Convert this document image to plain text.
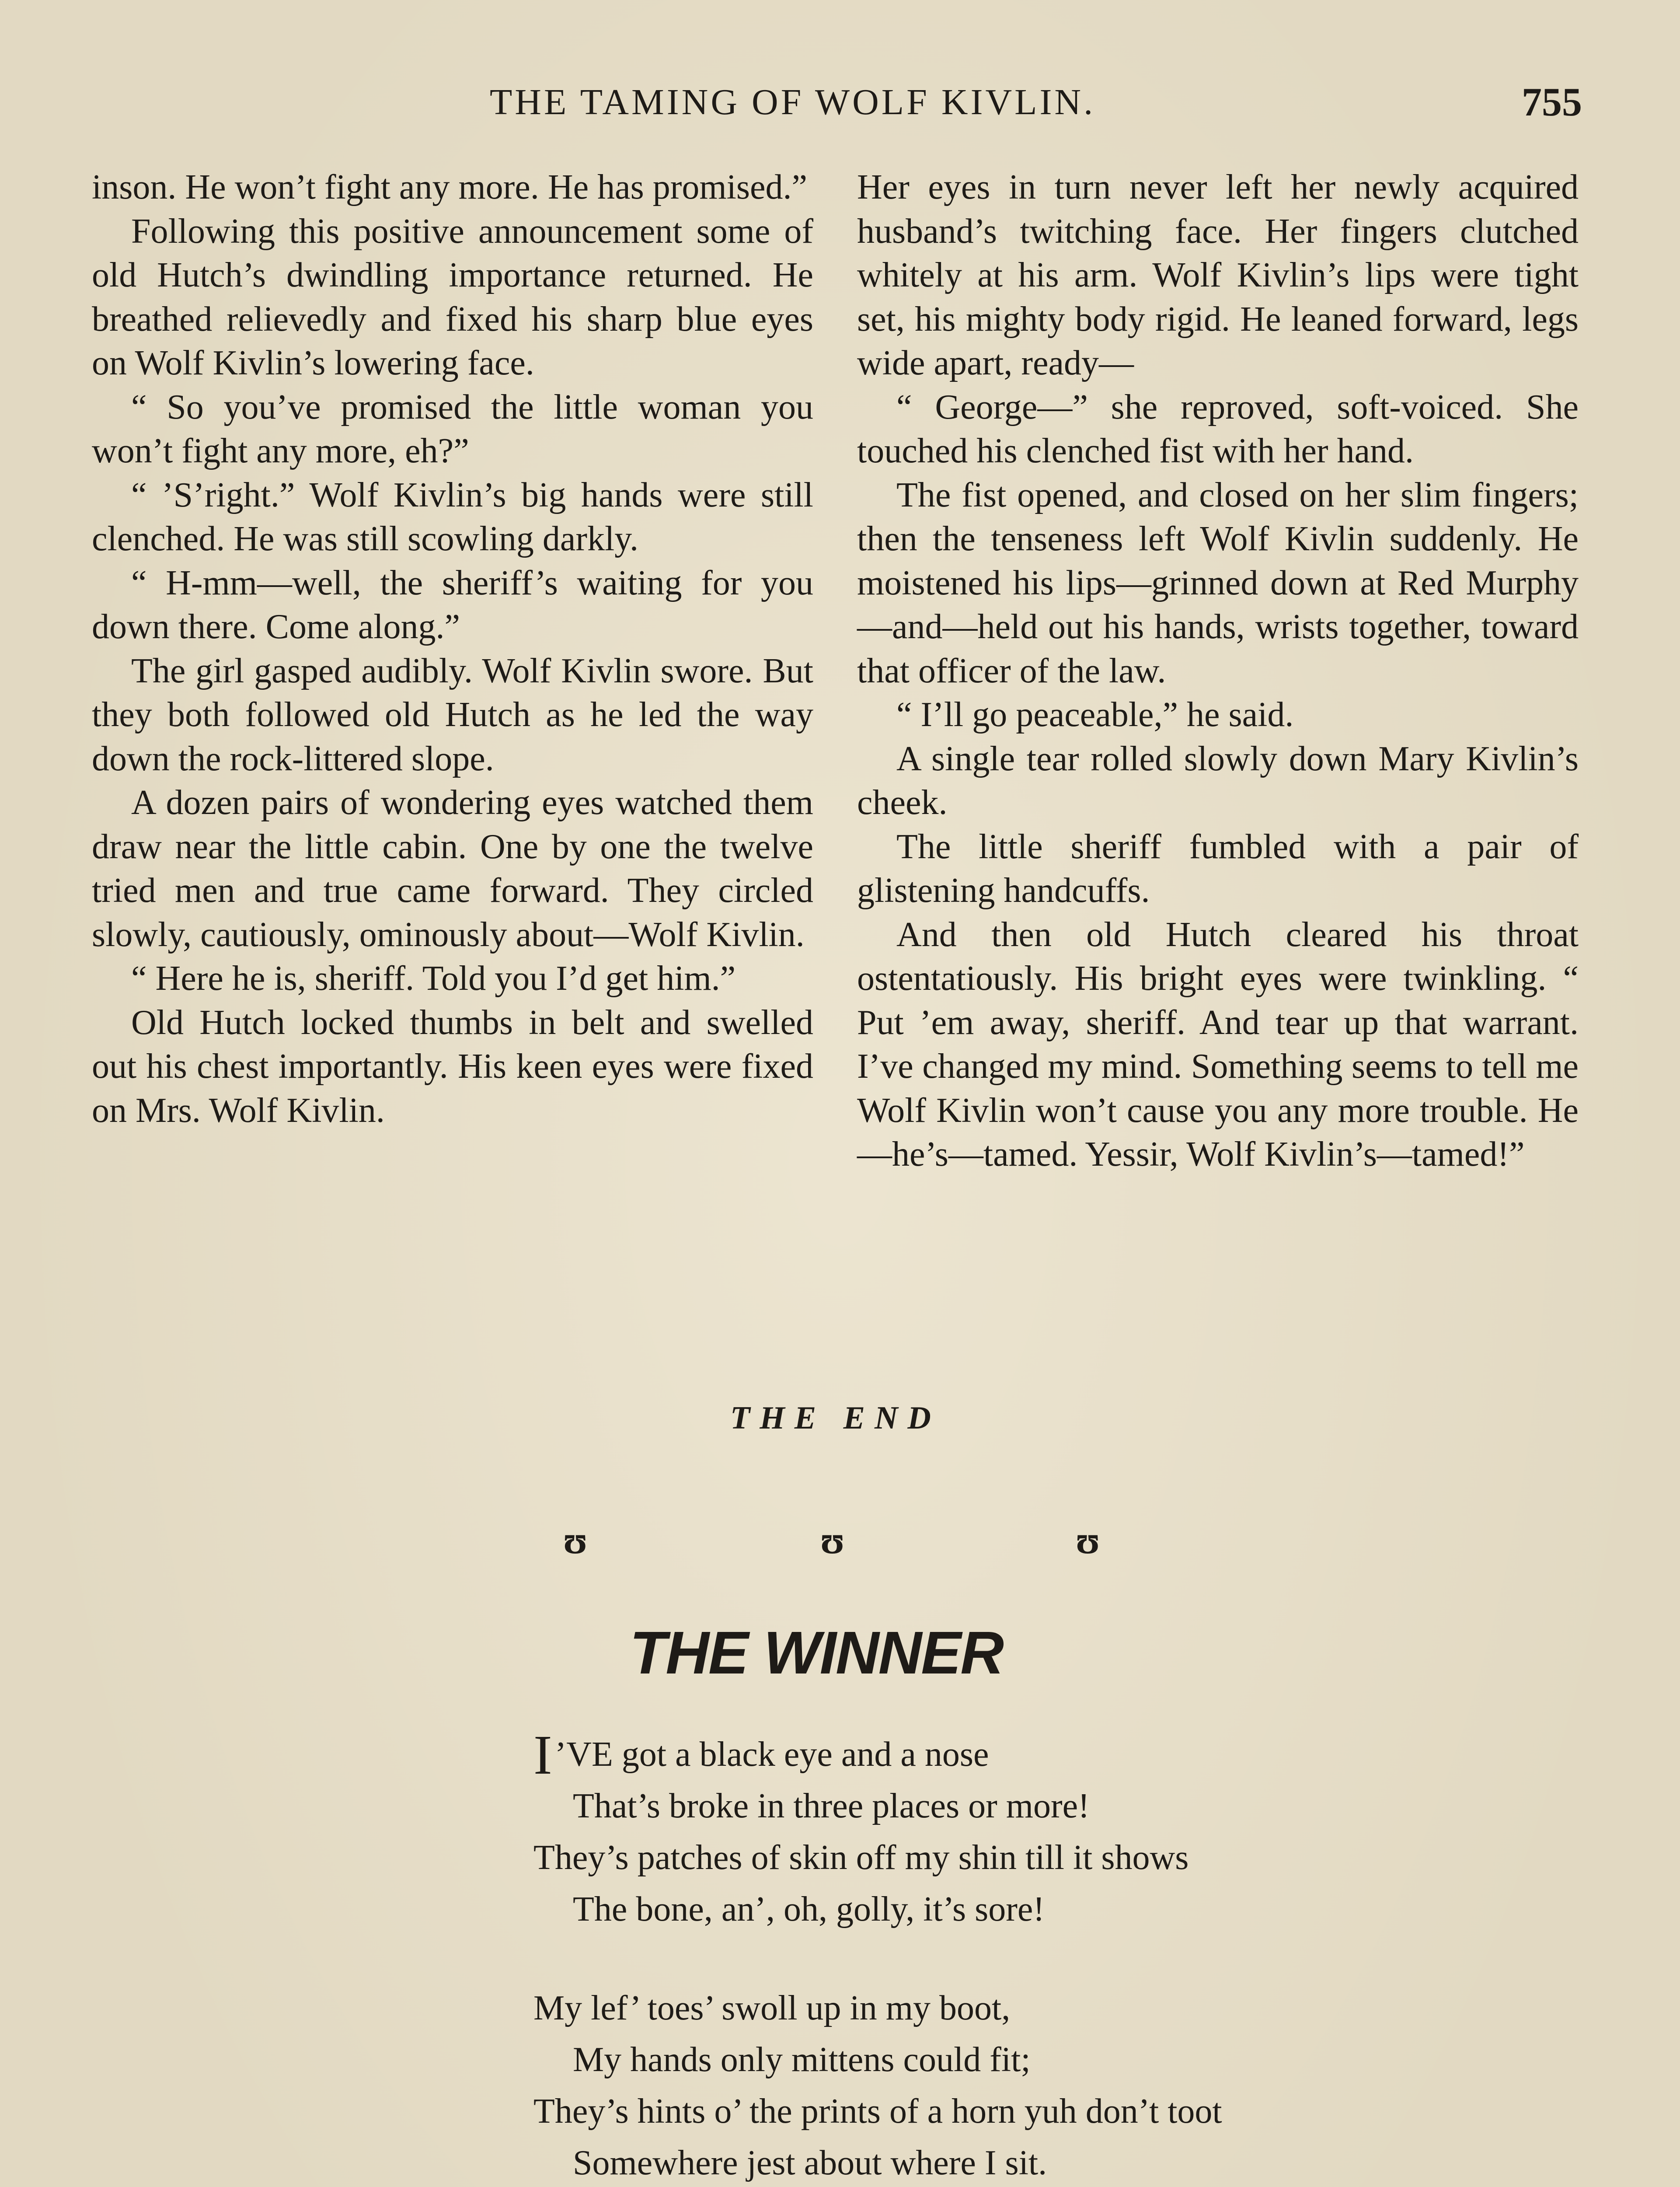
THE TAMING OF WOLF KIVLIN.	755

inson. He won’t fight any more. He has promised.”

Following this positive announcement some of old Hutch’s dwindling importance returned. He breathed relievedly and fixed his sharp blue eyes on Wolf Kivlin’s lowering face.

“ So you’ve promised the little woman you won’t fight any more, eh?”

“ ’S’right.” Wolf Kivlin’s big hands were still clenched. He was still scowling darkly.

“ H-mm—well, the sheriff’s waiting for you down there. Come along.”

The girl gasped audibly. Wolf Kivlin swore. But they both followed old Hutch as he led the way down the rock-littered slope.

A dozen pairs of wondering eyes watched them draw near the little cabin. One by one the twelve tried men and true came forward. They circled slowly, cautiously, ominously about—Wolf Kivlin.

“ Here he is, sheriff. Told you I’d get him.”

Old Hutch locked thumbs in belt and swelled out his chest importantly. His keen eyes were fixed on Mrs. Wolf Kivlin.

Her eyes in turn never left her newly acquired husband’s twitching face. Her fingers clutched whitely at his arm. Wolf Kivlin’s lips were tight set, his mighty body rigid. He leaned forward, legs wide apart, ready—

“ George—” she reproved, soft-voiced. She touched his clenched fist with her hand.

The fist opened, and closed on her slim fingers; then the tenseness left Wolf Kivlin suddenly. He moistened his lips—grinned down at Red Murphy—and—held out his hands, wrists together, toward that officer of the law.

“ I’ll go peaceable,” he said.

A single tear rolled slowly down Mary Kivlin’s cheek.

The little sheriff fumbled with a pair of glistening handcuffs.

And then old Hutch cleared his throat ostentatiously. His bright eyes were twinkling. “ Put ’em away, sheriff. And tear up that warrant. I’ve changed my mind. Something seems to tell me Wolf Kivlin won’t cause you any more trouble. He—he’s—tamed. Yessir, Wolf Kivlin’s—tamed!”

THE END
ʊ	ʊ	ʊ
THE WINNER
I’VE got a black eye and a nose
That’s broke in three places or more!
They’s patches of skin off my shin till it shows
The bone, an’, oh, golly, it’s sore!
My lef’ toes’ swoll up in my boot,
My hands only mittens could fit;
They’s hints o’ the prints of a horn yuh don’t toot
Somewhere jest about where I sit.
